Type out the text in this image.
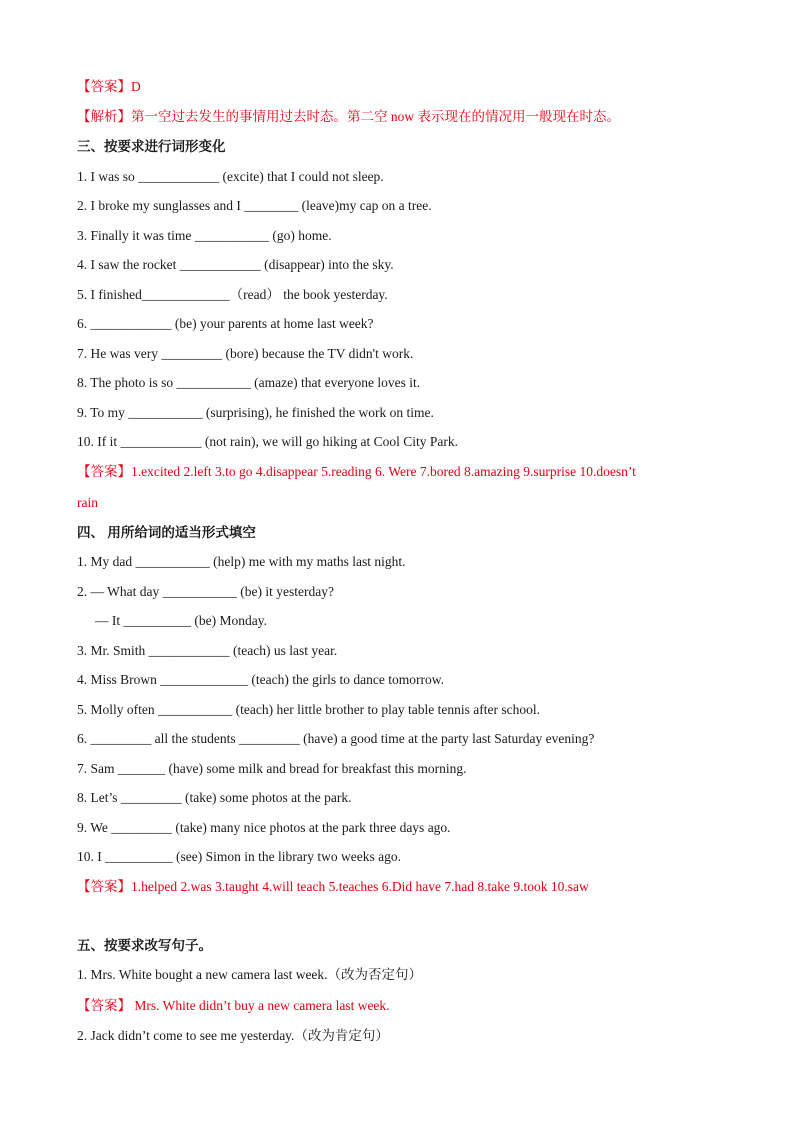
【答案】D
【解析】第一空过去发生的事情用过去时态。第二空 now 表示现在的情况用一般现在时态。
三、按要求进行词形变化
1. I was so ____________ (excite) that I could not sleep.
2. I broke my sunglasses and I ________ (leave)my cap on a tree.
3. Finally it was time ___________ (go) home.
4. I saw the rocket ____________ (disappear) into the sky.
5. I finished_____________（read） the book yesterday.
6. ____________ (be) your parents at home last week?
7. He was very _________ (bore) because the TV didn't work.
8. The photo is so ___________ (amaze) that everyone loves it.
9. To my ___________ (surprising), he finished the work on time.
10. If it ____________ (not rain), we will go hiking at Cool City Park.
【答案】1.excited 2.left 3.to go 4.disappear 5.reading 6. Were 7.bored 8.amazing 9.surprise 10.doesn’t
rain
四、 用所给词的适当形式填空
1. My dad ___________ (help) me with my maths last night.
2. — What day ___________ (be) it yesterday?
— It __________ (be) Monday.
3. Mr. Smith ____________ (teach) us last year.
4. Miss Brown _____________ (teach) the girls to dance tomorrow.
5. Molly often ___________ (teach) her little brother to play table tennis after school.
6. _________ all the students _________ (have) a good time at the party last Saturday evening?
7. Sam _______ (have) some milk and bread for breakfast this morning.
8. Let’s _________ (take) some photos at the park.
9. We _________ (take) many nice photos at the park three days ago.
10. I __________ (see) Simon in the library two weeks ago.
【答案】1.helped 2.was 3.taught 4.will teach 5.teaches 6.Did have 7.had 8.take 9.took 10.saw
五、按要求改写句子。
1. Mrs. White bought a new camera last week.（改为否定句）
【答案】 Mrs. White didn’t buy a new camera last week.
2. Jack didn’t come to see me yesterday.（改为肯定句）
